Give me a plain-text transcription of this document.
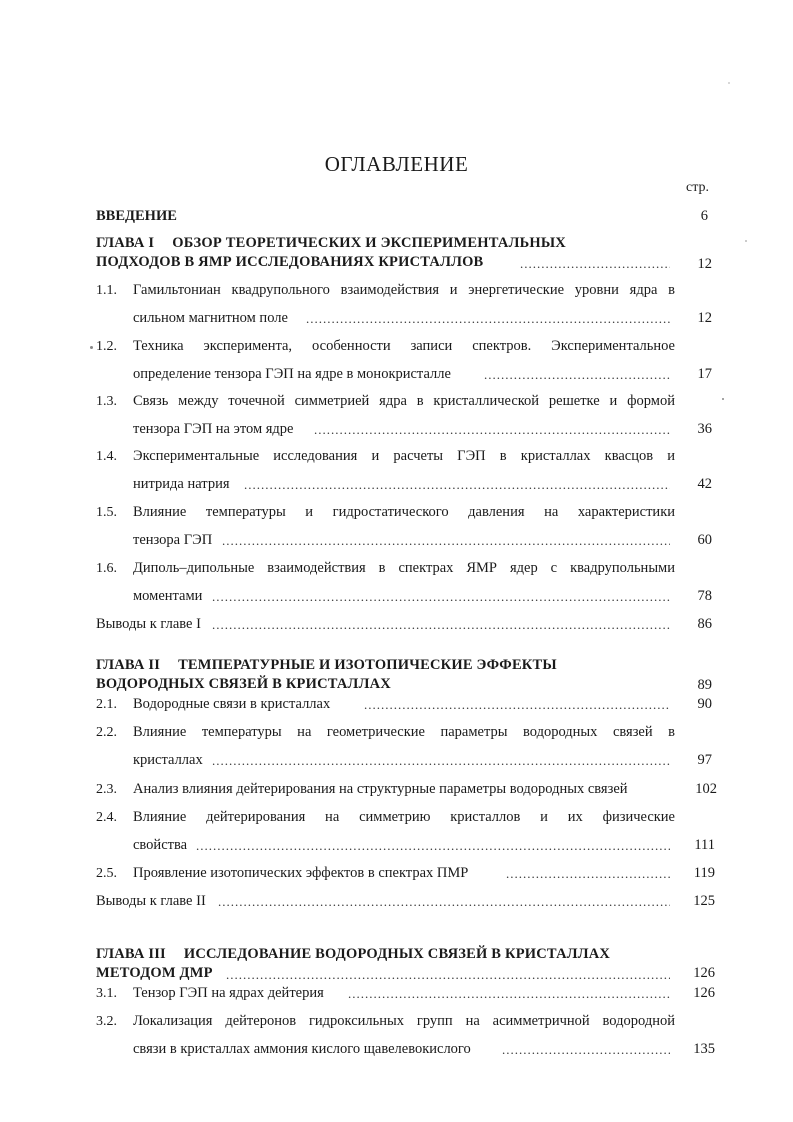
ОГЛАВЛЕНИЕ
стр.
ВВЕДЕНИЕ	6
ГЛАВА I ОБЗОР ТЕОРЕТИЧЕСКИХ И ЭКСПЕРИМЕНТАЛЬНЫХ
ПОДХОДОВ В ЯМР ИССЛЕДОВАНИЯХ КРИСТАЛЛОВ .....	12
1.1. Гамильтониан квадрупольного взаимодействия и энергетические уровни ядра в
сильном магнитном поле .....	12
1.2. Техника эксперимента, особенности записи спектров. Экспериментальное
определение тензора ГЭП на ядре в монокристалле .....	17
1.3. Связь между точечной симметрией ядра в кристаллической решетке и формой
тензора ГЭП на этом ядре .....	36
1.4. Экспериментальные исследования и расчеты ГЭП в кристаллах квасцов и
нитрида натрия .....	42
1.5. Влияние температуры и гидростатического давления на характеристики
тензора ГЭП .....	60
1.6. Диполь–дипольные взаимодействия в спектрах ЯМР ядер с квадрупольными
моментами .....	78
Выводы к главе I .....	86
ГЛАВА II ТЕМПЕРАТУРНЫЕ И ИЗОТОПИЧЕСКИЕ ЭФФЕКТЫ
ВОДОРОДНЫХ СВЯЗЕЙ В КРИСТАЛЛАХ	89
2.1. Водородные связи в кристаллах .....	90
2.2. Влияние температуры на геометрические параметры водородных связей в
кристаллах .....	97
2.3. Анализ влияния дейтерирования на структурные параметры водородных связей	102
2.4. Влияние дейтерирования на симметрию кристаллов и их физические
свойства .....	111
2.5. Проявление изотопических эффектов в спектрах ПМР .....	119
Выводы к главе II .....	125
ГЛАВА III ИССЛЕДОВАНИЕ ВОДОРОДНЫХ СВЯЗЕЙ В КРИСТАЛЛАХ
МЕТОДОМ ДМР .....	126
3.1. Тензор ГЭП на ядрах дейтерия .....	126
3.2. Локализация дейтеронов гидроксильных групп на асимметричной водородной
связи в кристаллах аммония кислого щавелевокислого .....	135
